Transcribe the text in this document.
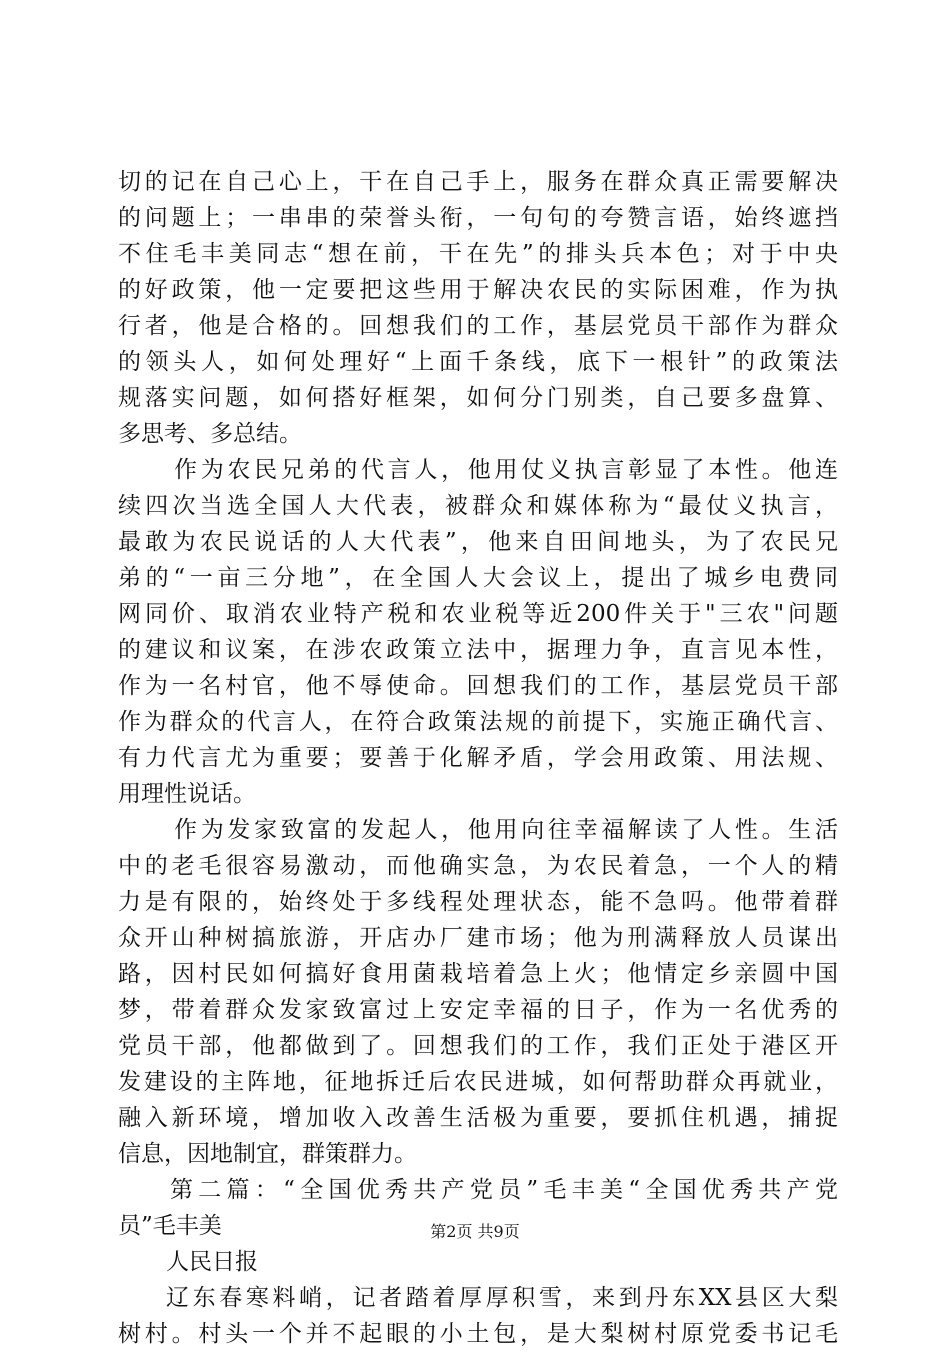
切的记在自己心上，干在自己手上，服务在群众真正需要解决
的问题上；一串串的荣誉头衔，一句句的夸赞言语，始终遮挡
不住毛丰美同志“想在前，干在先”的排头兵本色；对于中央
的好政策，他一定要把这些用于解决农民的实际困难，作为执
行者，他是合格的。回想我们的工作，基层党员干部作为群众
的领头人，如何处理好“上面千条线，底下一根针”的政策法
规落实问题，如何搭好框架，如何分门别类，自己要多盘算、
多思考、多总结。
作为农民兄弟的代言人，他用仗义执言彰显了本性。他连
续四次当选全国人大代表，被群众和媒体称为“最仗义执言，
最敢为农民说话的人大代表”，他来自田间地头，为了农民兄
弟的“一亩三分地”，在全国人大会议上，提出了城乡电费同
网同价、取消农业特产税和农业税等近200件关于"三农"问题
的建议和议案，在涉农政策立法中，据理力争，直言见本性，
作为一名村官，他不辱使命。回想我们的工作，基层党员干部
作为群众的代言人，在符合政策法规的前提下，实施正确代言、
有力代言尤为重要；要善于化解矛盾，学会用政策、用法规、
用理性说话。
作为发家致富的发起人，他用向往幸福解读了人性。生活
中的老毛很容易激动，而他确实急，为农民着急，一个人的精
力是有限的，始终处于多线程处理状态，能不急吗。他带着群
众开山种树搞旅游，开店办厂建市场；他为刑满释放人员谋出
路，因村民如何搞好食用菌栽培着急上火；他情定乡亲圆中国
梦，带着群众发家致富过上安定幸福的日子，作为一名优秀的
党员干部，他都做到了。回想我们的工作，我们正处于港区开
发建设的主阵地，征地拆迁后农民进城，如何帮助群众再就业，
融入新环境，增加收入改善生活极为重要，要抓住机遇，捕捉
信息，因地制宜，群策群力。
第二篇：“全国优秀共产党员”毛丰美“全国优秀共产党
员”毛丰美
人民日报
辽东春寒料峭，记者踏着厚厚积雪，来到丹东XX县区大梨
树村。村头一个并不起眼的小土包，是大梨树村原党委书记毛
第2页 共9页
